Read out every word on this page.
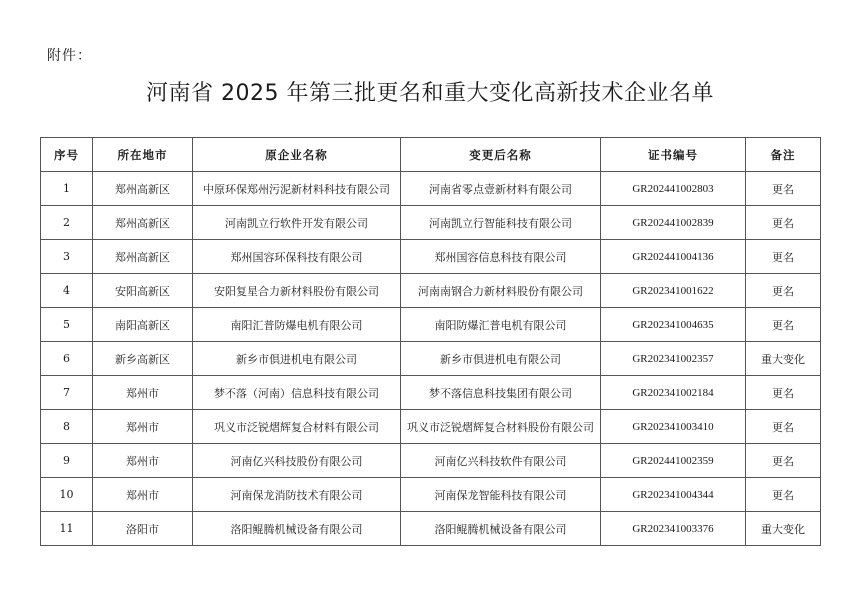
附件：
河南省 2025 年第三批更名和重大变化高新技术企业名单
序号	所在地市	原企业名称	变更后名称	证书编号	备注
1	郑州高新区	中原环保郑州污泥新材料科技有限公司	河南省零点壹新材料有限公司	GR202441002803	更名
2	郑州高新区	河南凯立行软件开发有限公司	河南凯立行智能科技有限公司	GR202441002839	更名
3	郑州高新区	郑州国容环保科技有限公司	郑州国容信息科技有限公司	GR202441004136	更名
4	安阳高新区	安阳复星合力新材料股份有限公司	河南南钢合力新材料股份有限公司	GR202341001622	更名
5	南阳高新区	南阳汇普防爆电机有限公司	南阳防爆汇普电机有限公司	GR202341004635	更名
6	新乡高新区	新乡市倶进机电有限公司	新乡市倶进机电有限公司	GR202341002357	重大变化
7	郑州市	梦不落（河南）信息科技有限公司	梦不落信息科技集团有限公司	GR202341002184	更名
8	郑州市	巩义市泛锐熠辉复合材料有限公司	巩义市泛锐熠辉复合材料股份有限公司	GR202341003410	更名
9	郑州市	河南亿兴科技股份有限公司	河南亿兴科技软件有限公司	GR202441002359	更名
10	郑州市	河南保龙消防技术有限公司	河南保龙智能科技有限公司	GR202341004344	更名
11	洛阳市	洛阳鲲腾机械设备有限公司	洛阳鲲腾机械设备有限公司	GR202341003376	重大变化
